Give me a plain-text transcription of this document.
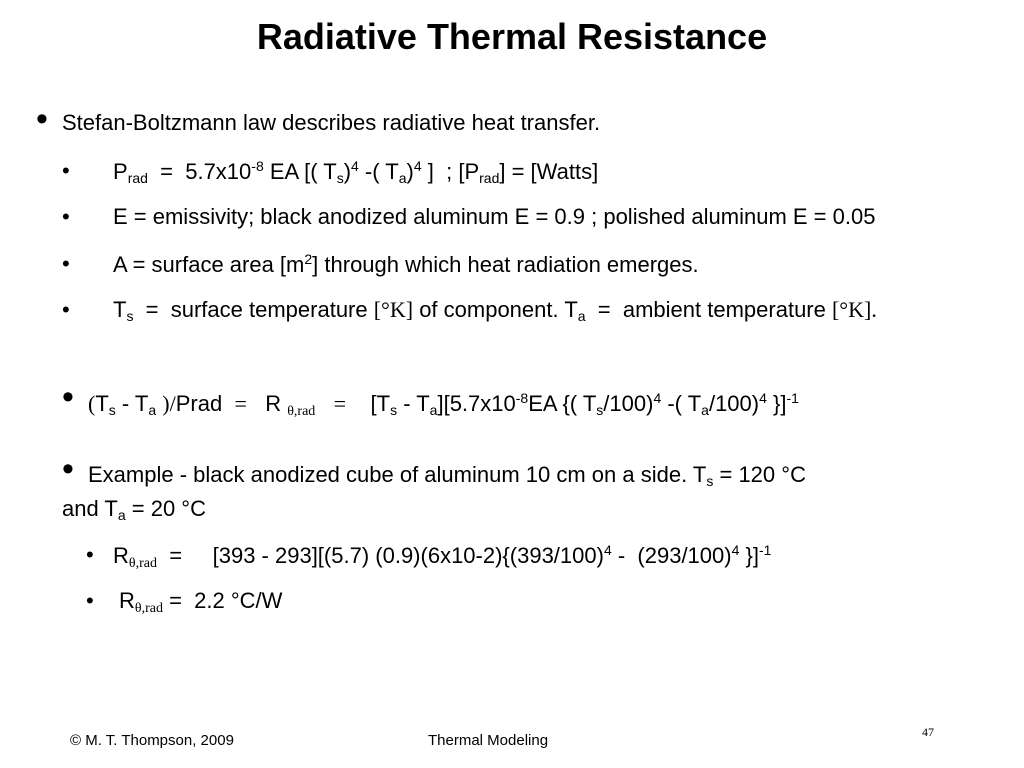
Radiative Thermal Resistance
• Stefan-Boltzmann law describes radiative heat transfer.
• $P_{rad} = 5.7x10^{-8}$ EA [( $T_s)^4$ -( $T_a)^4$ ]  ; $[P_{rad}]$ = [Watts]
• E = emissivity; black anodized aluminum E = 0.9 ; polished aluminum E = 0.05
• A = surface area $[m^2]$ through which heat radiation emerges.
• $T_s$  =  surface temperature [°K] of component. $T_a$  =  ambient temperature [°K].
• ($T_s - T_a$ )/Prad  =   R $_{\theta,rad}$ =    $[T_s - T_a][5.7x10^{-8}EA$ {( $T_s/100)^4$ -( $T_a/100)^4$ }]$^{-1}$
• Example - black anodized cube of aluminum 10 cm on a side. $T_s = 120$ °C
and $T_a = 20$ °C
• $R_{\theta,rad}$  =     [393 - 293][(5.7) $(0.9)(6x10-2)\{(393/100)^4 - (293/100)^4$ }]$^{-1}$
• $R_{\theta,rad} = 2.2$ °C/W
© M. T. Thompson, 2009	Thermal Modeling	47
